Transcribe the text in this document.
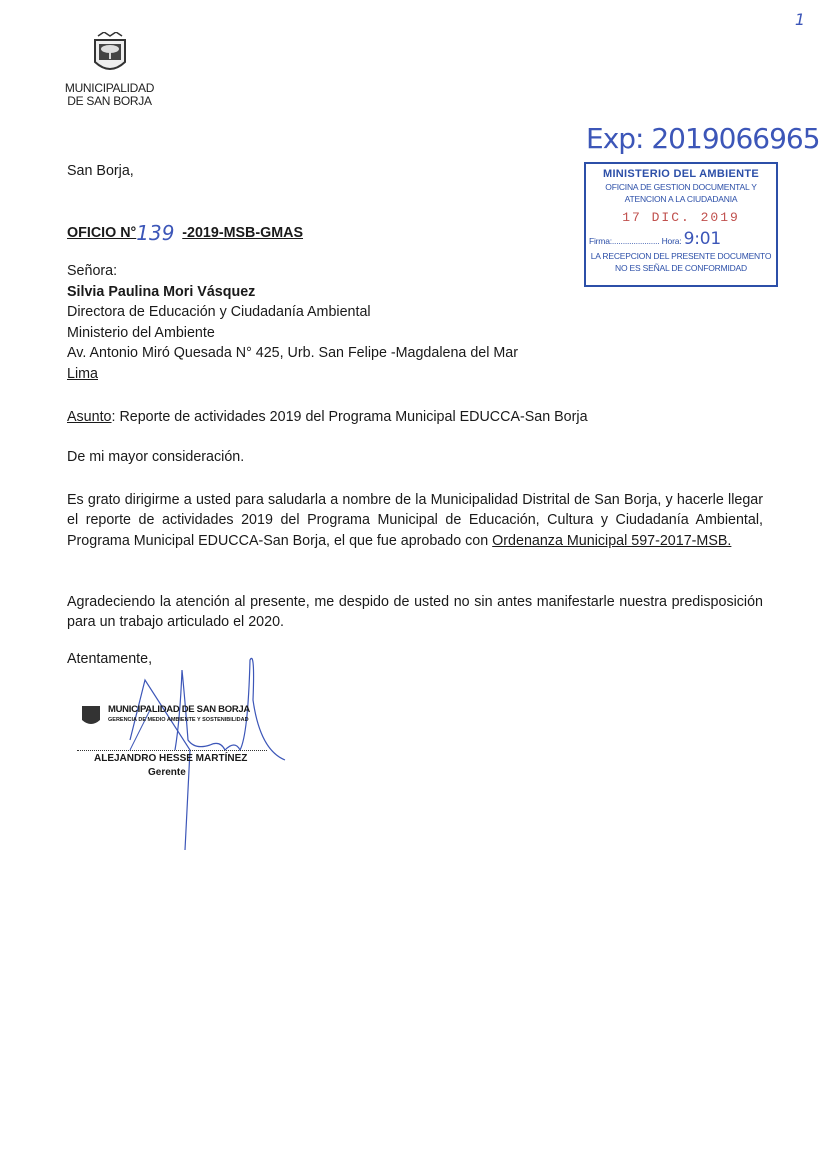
1
MUNICIPALIDAD
DE SAN BORJA
San Borja,
OFICIO N°139 -2019-MSB-GMAS
Exp: 2019066965
MINISTERIO DEL AMBIENTE
OFICINA DE GESTION DOCUMENTAL Y
ATENCION A LA CIUDADANIA
17 DIC. 2019
Firma:...................... Hora: 9:01
LA RECEPCION DEL PRESENTE DOCUMENTO
NO ES SEÑAL DE CONFORMIDAD
Señora:
Silvia Paulina Mori Vásquez
Directora de Educación y Ciudadanía Ambiental
Ministerio del Ambiente
Av. Antonio Miró Quesada N° 425, Urb. San Felipe -Magdalena del Mar
Lima
Asunto: Reporte de actividades 2019 del Programa Municipal EDUCCA-San Borja
De mi mayor consideración.
Es grato dirigirme a usted para saludarla a nombre de la Municipalidad Distrital de San Borja, y hacerle llegar el reporte de actividades 2019 del Programa Municipal de Educación, Cultura y Ciudadanía Ambiental, Programa Municipal EDUCCA-San Borja, el que fue aprobado con Ordenanza Municipal 597-2017-MSB.
Agradeciendo la atención al presente, me despido de usted no sin antes manifestarle nuestra predisposición para un trabajo articulado el 2020.
Atentamente,
MUNICIPALIDAD DE SAN BORJA
GERENCIA DE MEDIO AMBIENTE Y SOSTENIBILIDAD
ALEJANDRO HESSE MARTÍNEZ
Gerente
